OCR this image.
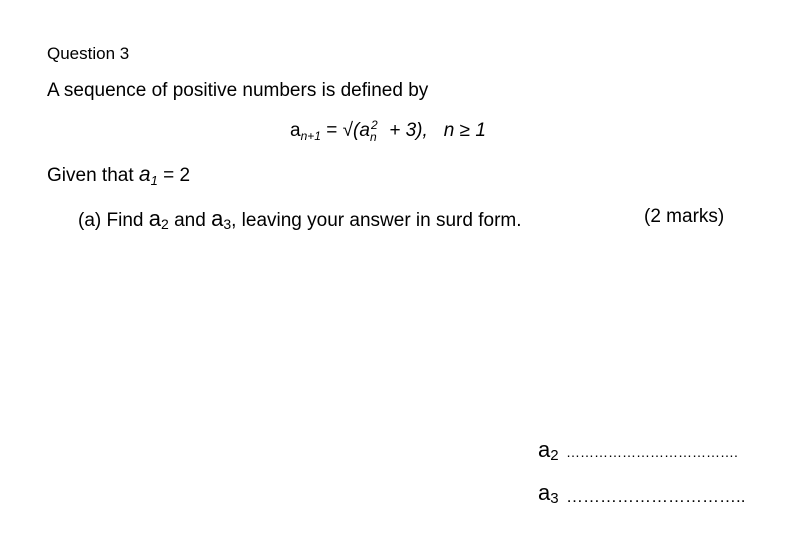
Question 3
A sequence of positive numbers is defined by
$a_{n+1} = √(a$ 2
n + 3), n ≥ 1
Given that $a_1 = 2$
(a) Find $a_2$ and $a_3$, leaving your answer in surd form.	(2 marks)
$a_2$ ……………………………….
$a_3$ …………………………..
